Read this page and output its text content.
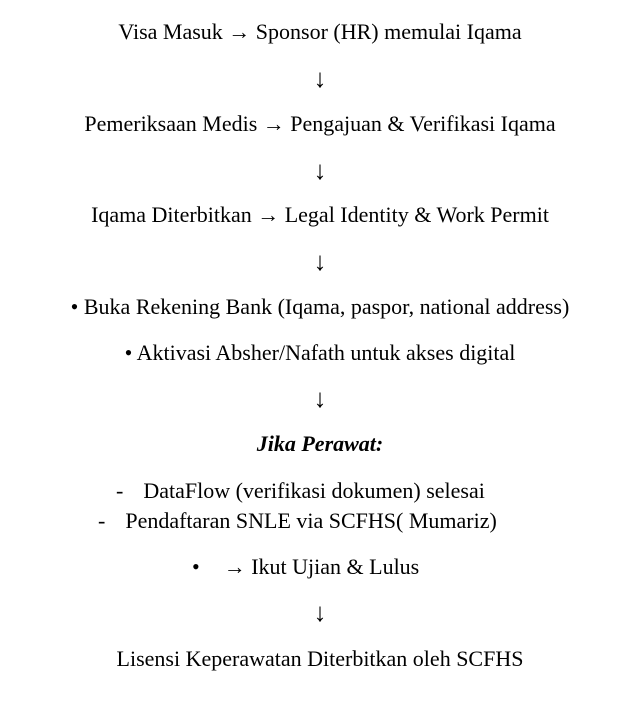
Visa Masuk → Sponsor (HR) memulai Iqama
↓
Pemeriksaan Medis → Pengajuan & Verifikasi Iqama
↓
Iqama Diterbitkan → Legal Identity & Work Permit
↓
• Buka Rekening Bank (Iqama, paspor, national address)
• Aktivasi Absher/Nafath untuk akses digital
↓
Jika Perawat:
- DataFlow (verifikasi dokumen) selesai
- Pendaftaran SNLE via SCFHS( Mumariz)
• → Ikut Ujian & Lulus
↓
Lisensi Keperawatan Diterbitkan oleh SCFHS
